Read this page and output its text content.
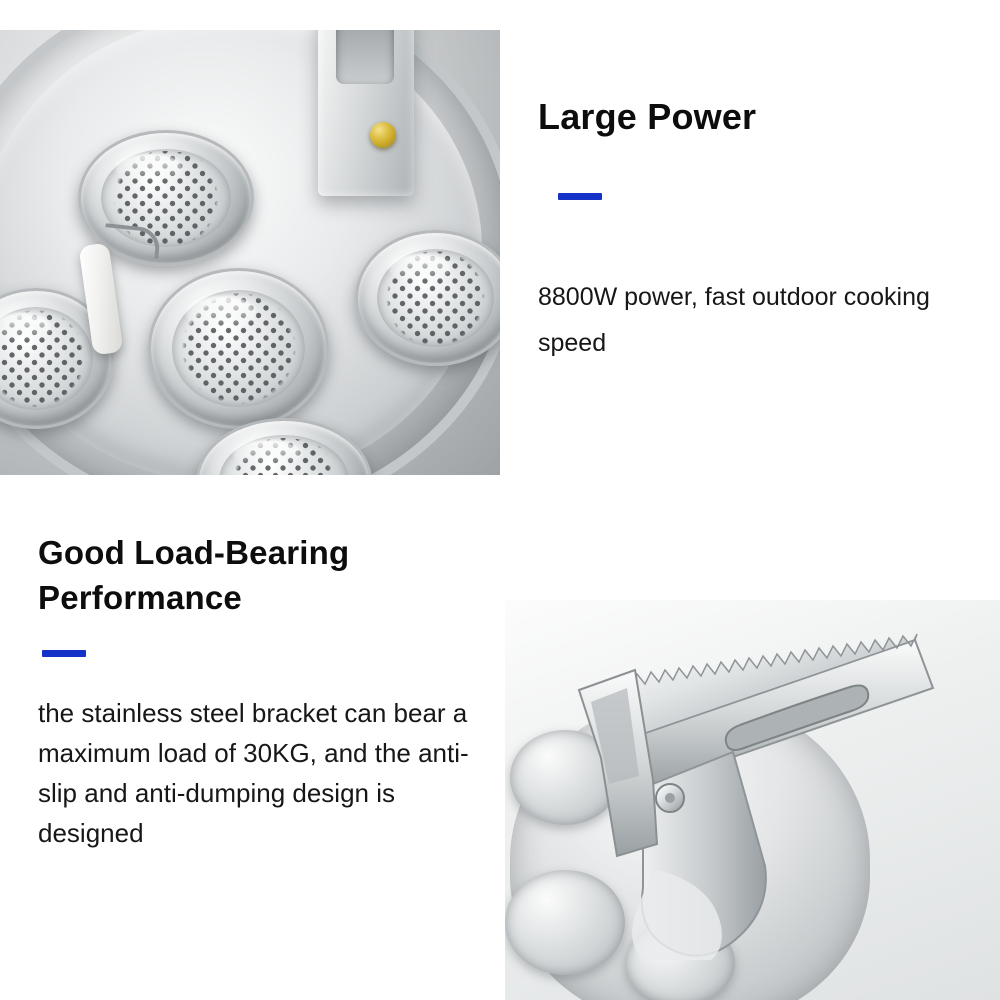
Large Power

8800W power, fast outdoor cooking speed

Good Load-Bearing
Performance

the stainless steel bracket can bear a maximum load of 30KG, and the anti-slip and anti-dumping design is designed
